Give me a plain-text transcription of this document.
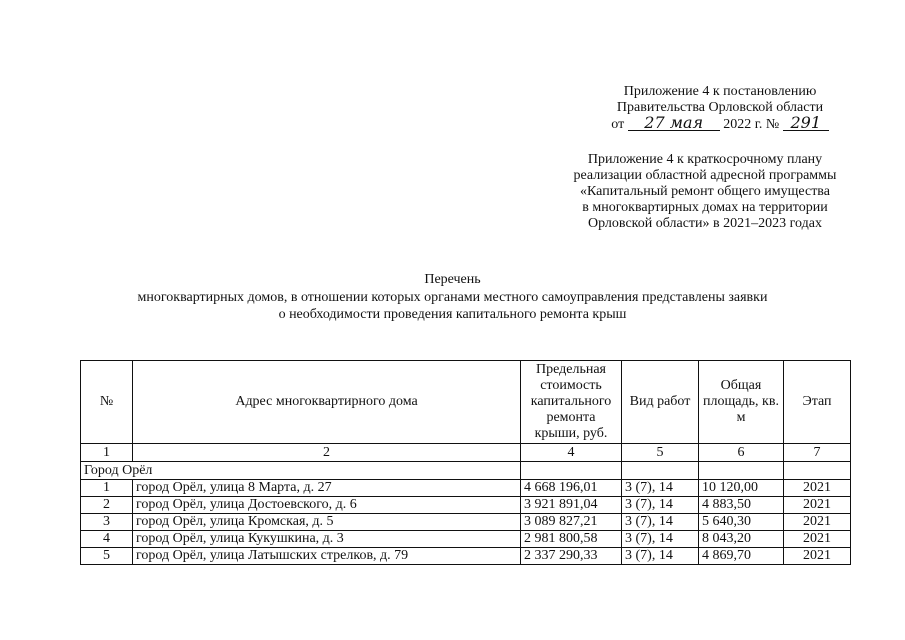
Приложение 4 к постановлению
Правительства Орловской области
от 27 мая 2022 г. № 291
Приложение 4 к краткосрочному плану
реализации областной адресной программы
«Капитальный ремонт общего имущества
в многоквартирных домах на территории
Орловской области» в 2021–2023 годах
Перечень
многоквартирных домов, в отношении которых органами местного самоуправления представлены заявки
о необходимости проведения капитального ремонта крыш
№	Адрес многоквартирного дома	Предельная стоимость капитального ремонта крыши, руб.	Вид работ	Общая площадь, кв. м	Этап
1	2	4	5	6	7
Город Орёл					
1	город Орёл, улица 8 Марта, д. 27	4 668 196,01	3 (7), 14	10 120,00	2021
2	город Орёл, улица Достоевского, д. 6	3 921 891,04	3 (7), 14	4 883,50	2021
3	город Орёл, улица Кромская, д. 5	3 089 827,21	3 (7), 14	5 640,30	2021
4	город Орёл, улица Кукушкина, д. 3	2 981 800,58	3 (7), 14	8 043,20	2021
5	город Орёл, улица Латышских стрелков, д. 79	2 337 290,33	3 (7), 14	4 869,70	2021
